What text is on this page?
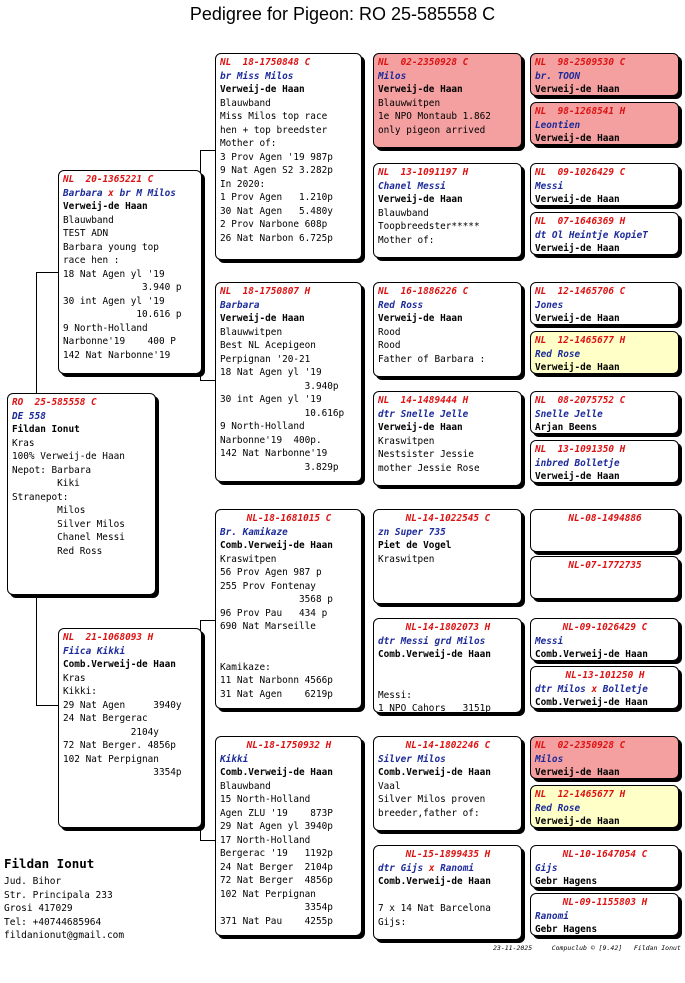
Pedigree for Pigeon: RO 25-585558 C
RO  25-585558 C
DE 558
Fildan Ionut
Kras
100% Verweij-de Haan
Nepot: Barbara
Kiki
Stranepot:
Milos
Silver Milos
Chanel Messi
Red Ross
NL  20-1365221 C
Barbara x br M Milos
Verweij-de Haan
Blauwband
TEST ADN
Barbara young top
race hen :
18 Nat Agen yl '19
3.940 p
30 int Agen yl '19
10.616 p
9 North-Holland
Narbonne'19    400 P
142 Nat Narbonne'19
NL  21-1068093 H
Fiica Kikki
Comb.Verweij-de Haan
Kras
Kikki:
29 Nat Agen     3940y
24 Nat Bergerac
2104y
72 Nat Berger. 4856p
102 Nat Perpignan
3354p
NL  18-1750848 C
br Miss Milos
Verweij-de Haan
Blauwband
Miss Milos top race
hen + top breedster
Mother of:
3 Prov Agen '19 987p
9 Nat Agen S2 3.282p
In 2020:
1 Prov Agen   1.210p
30 Nat Agen   5.480y
2 Prov Narbone 608p
26 Nat Narbon 6.725p
NL  18-1750807 H
Barbara
Verweij-de Haan
Blauwwitpen
Best NL Acepigeon
Perpignan '20-21
18 Nat Agen yl '19
3.940p
30 int Agen yl '19
10.616p
9 North-Holland
Narbonne'19  400p.
142 Nat Narbonne'19
3.829p
NL-18-1681015 C
Br. Kamikaze
Comb.Verweij-de Haan
Kraswitpen
56 Prov Agen 987 p
255 Prov Fontenay
3568 p
96 Prov Pau   434 p
690 Nat Marseille

Kamikaze:
11 Nat Narbonn 4566p
31 Nat Agen    6219p
NL-18-1750932 H
Kikki
Comb.Verweij-de Haan
Blauwband
15 North-Holland
Agen ZLU '19    873P
29 Nat Agen yl 3940p
17 North-Holland
Bergerac '19   1192p
24 Nat Berger  2104p
72 Nat Berger  4856p
102 Nat Perpignan
3354p
371 Nat Pau    4255p
NL  02-2350928 C
Milos
Verweij-de Haan
Blauwwitpen
1e NPO Montaub 1.862
only pigeon arrived
NL  13-1091197 H
Chanel Messi
Verweij-de Haan
Blauwband
Toopbreedster*****
Mother of:
NL  16-1886226 C
Red Ross
Verweij-de Haan
Rood
Rood
Father of Barbara :
NL  14-1489444 H
dtr Snelle Jelle
Verweij-de Haan
Kraswitpen
Nestsister Jessie
mother Jessie Rose
NL-14-1022545 C
zn Super 735
Piet de Vogel
Kraswitpen
NL-14-1802073 H
dtr Messi grd Milos
Comb.Verweij-de Haan

Messi:
1 NPO Cahors   3151p
NL-14-1802246 C
Silver Milos
Comb.Verweij-de Haan
Vaal
Silver Milos proven
breeder,father of:
NL-15-1899435 H
dtr Gijs x Ranomi
Comb.Verweij-de Haan

7 x 14 Nat Barcelona
Gijs:
NL  98-2509530 C
br. TOON
Verweij-de Haan
NL  98-1268541 H
Leontien
Verweij-de Haan
NL  09-1026429 C
Messi
Verweij-de Haan
NL  07-1646369 H
dt Ol Heintje KopieT
Verweij-de Haan
NL  12-1465706 C
Jones
Verweij-de Haan
NL  12-1465677 H
Red Rose
Verweij-de Haan
NL  08-2075752 C
Snelle Jelle
Arjan Beens
NL  13-1091350 H
inbred Bolletje
Verweij-de Haan
NL-08-1494886
NL-07-1772735
NL-09-1026429 C
Messi
Comb.Verweij-de Haan
NL-13-101250 H
dtr Milos x Bolletje
Comb.Verweij-de Haan
NL  02-2350928 C
Milos
Verweij-de Haan
NL  12-1465677 H
Red Rose
Verweij-de Haan
NL-10-1647054 C
Gijs
Gebr Hagens
NL-09-1155803 H
Ranomi
Gebr Hagens
Fildan Ionut
Jud. Bihor
Str. Principala 233
Grosi 417029
Tel: +40744685964
fildanionut@gmail.com
23-11-2025     Compuclub © [9.42]   Fildan Ionut
